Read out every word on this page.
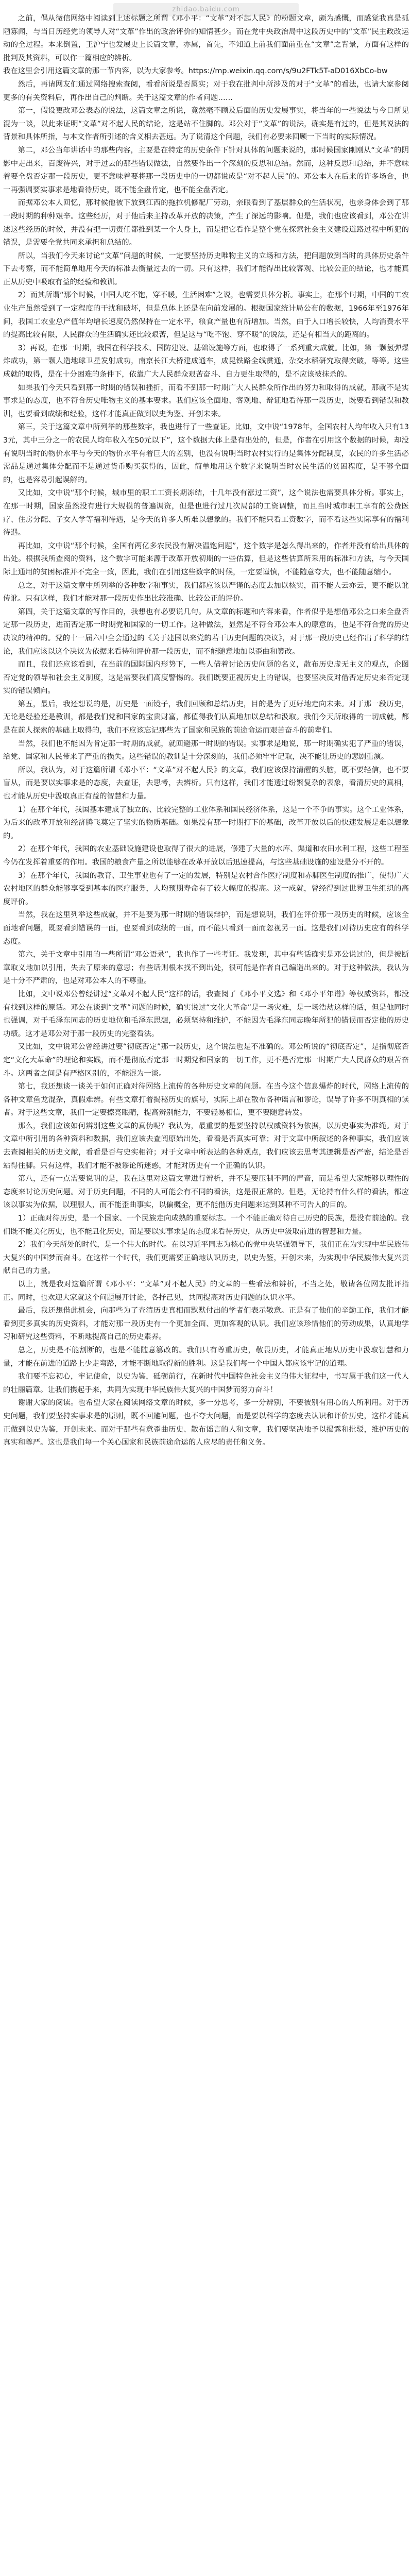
zhidao.baidu.com

之前，偶从微信网络中阅读到上述标题之所谓《邓小平：“文革”对不起人民》的粉题文章，颇为感慨，而感觉我真是孤陋寡闻，与当日历经党的领导人对“文革”作出的政治评价的知情甚少。而在党中央政治局中这段历史中的“文革”民主政改运动的全过程。本来倒置，王沪宁也发展史上长篇文章，亦属，首先，不知道上前我们面前重在“文章”之背景，方面有这样的批判及其资料，可以作一篇相应的辨析。

我在这里会引用这篇文章的那一节内容，以为大家参考。https://mp.weixin.qq.com/s/9u2FTk5T-aD016XbCo-bw

然后，再请网友们通过网络搜索查阅，看看所说是否属实；对于我在批判中所涉及的对于“文革”的看法，也请大家参阅更多的有关资料后，再作出自己的判断。关于这篇文章的作者问题……

第一，假设更改邓公表态的说法，这篇文章之所说，竟然毫不顾及后面的历史发展事实，将当年的一些说法与今日所见混为一谈，以此来证明“文革”对不起人民的结论，这是站不住脚的。邓公对于“文革”的说法，确实是有过的，但是其说法的背景和具体所指，与本文作者所引述的含义相去甚远。为了说清这个问题，我们有必要来回顾一下当时的实际情况。

第二，邓公当年讲话中的那些内容，主要是在特定的历史条件下针对具体的问题来说的，那时候国家刚刚从“文革”的阴影中走出来，百废待兴，对于过去的那些错误做法，自然要作出一个深刻的反思和总结。然而，这种反思和总结，并不意味着要全盘否定那一段历史，更不意味着要将那一段历史中的一切都说成是“对不起人民”的。邓公本人在后来的许多场合，也一再强调要实事求是地看待历史，既不能全盘肯定，也不能全盘否定。

而据邓公本人回忆，那时候他被下放到江西的拖拉机修配厂劳动，亲眼看到了基层群众的生活状况，也亲身体会到了那一段时期的种种艰辛。这些经历，对于他后来主持改革开放的决策，产生了深远的影响。但是，我们也应该看到，邓公在讲述这些经历的时候，并没有把一切责任都推到某一个人身上，而是把它看作是整个党在探索社会主义建设道路过程中所犯的错误，是需要全党共同来承担和总结的。

所以，当我们今天来讨论“文革”问题的时候，一定要坚持历史唯物主义的立场和方法，把问题放到当时的具体历史条件下去考察，而不能简单地用今天的标准去衡量过去的一切。只有这样，我们才能得出比较客观、比较公正的结论，也才能真正从历史中吸取有益的经验和教训。

2）而其所谓“那个时候，中国人吃不饱，穿不暖，生活困难”之说，也需要具体分析。事实上，在那个时期，中国的工农业生产虽然受到了一定程度的干扰和破坏，但是总体上还是在向前发展的。根据国家统计局公布的数据，1966年至1976年间，我国工农业总产值年均增长速度仍然保持在一定水平，粮食产量也有所增加。当然，由于人口增长较快，人均消费水平的提高比较有限，人民群众的生活确实还比较艰苦，但是这与“吃不饱、穿不暖”的说法，还是有相当大的距离的。

3）再说，在那一时期，我国在科学技术、国防建设、基础设施等方面，也取得了一系列重大成就。比如，第一颗氢弹爆炸成功，第一颗人造地球卫星发射成功，南京长江大桥建成通车，成昆铁路全线贯通，杂交水稻研究取得突破，等等。这些成就的取得，是在十分困难的条件下，依靠广大人民群众艰苦奋斗、自力更生取得的，是不应该被抹杀的。

如果我们今天只看到那一时期的错误和挫折，而看不到那一时期广大人民群众所作出的努力和取得的成就，那就不是实事求是的态度，也不符合历史唯物主义的基本要求。我们应该全面地、客观地、辩证地看待那一段历史，既要看到错误和教训，也要看到成绩和经验，这样才能真正做到以史为鉴、开创未来。

第三，关于这篇文章中所列举的那些数字，我也进行了一些查证。比如，文中说“1978年，全国农村人均年收入只有133元，其中三分之一的农民人均年收入在50元以下”，这个数据大体上是有出处的，但是，作者在引用这个数据的时候，却没有说明当时的物价水平与今天的物价水平有着巨大的差别，也没有说明当时农村实行的是集体分配制度，农民的许多生活必需品是通过集体分配而不是通过货币购买获得的，因此，简单地用这个数字来说明当时农民生活的贫困程度，是不够全面的，也是容易引起误解的。

又比如，文中说“那个时候，城市里的职工工资长期冻结，十几年没有涨过工资”，这个说法也需要具体分析。事实上，在那一时期，国家虽然没有进行大规模的普遍调资，但是也进行过几次局部的工资调整，而且当时城市职工享有的公费医疗、住房分配、子女入学等福利待遇，是今天的许多人所难以想象的。我们不能只看工资数字，而不看这些实际享有的福利待遇。

再比如，文中说“那个时候，全国有两亿多农民没有解决温饱问题”，这个数字是怎么得出来的，作者并没有给出具体的出处。根据我所查阅的资料，这个数字可能来源于改革开放初期的一些估算，但是这些估算所采用的标准和方法，与今天国际上通用的贫困标准并不完全一致，因此，我们在引用这些数字的时候，一定要谨慎，不能随意夸大，也不能随意缩小。

总之，对于这篇文章中所列举的各种数字和事实，我们都应该以严谨的态度去加以核实，而不能人云亦云，更不能以讹传讹。只有这样，我们才能对那一段历史作出比较准确、比较公正的评价。

第四，关于这篇文章的写作目的，我想也有必要说几句。从文章的标题和内容来看，作者似乎是想借邓公之口来全盘否定那一段历史，进而否定那一时期党和国家的一切工作。这种做法，显然是不符合邓公本人的原意的，也是不符合党的历史决议的精神的。党的十一届六中全会通过的《关于建国以来党的若干历史问题的决议》，对于那一段历史已经作出了科学的结论，我们应该以这个决议为依据来看待和评价那一段历史，而不能随意地加以歪曲和篡改。

而且，我们还应该看到，在当前的国际国内形势下，一些人借着讨论历史问题的名义，散布历史虚无主义的观点，企图否定党的领导和社会主义制度，这是需要我们高度警惕的。我们既要正视历史上的错误，也要坚决反对借否定历史来否定现实的错误倾向。

第五，最后，我还想说的是，历史是一面镜子，我们回顾和总结历史，目的是为了更好地走向未来。对于那一段历史，无论是经验还是教训，都是我们党和国家的宝贵财富，都值得我们认真地加以总结和汲取。我们今天所取得的一切成就，都是在前人探索的基础上取得的，我们不应该忘记那些为了国家和民族的前途命运而艰苦奋斗的前辈们。

当然，我们也不能因为肯定那一时期的成就，就回避那一时期的错误。实事求是地说，那一时期确实犯了严重的错误，给党、国家和人民带来了严重的损失。这些错误的教训是十分深刻的，我们必须牢牢记取，决不能让历史的悲剧重演。

所以，我认为，对于这篇所谓《邓小平：“文革”对不起人民》的文章，我们应该保持清醒的头脑，既不要轻信，也不要盲从，而是要以实事求是的态度，去查证，去思考，去辨析。只有这样，我们才能透过纷繁复杂的表象，看清历史的真相，也才能从历史中汲取真正有益的智慧和力量。

1）在那个年代，我国基本建成了独立的、比较完整的工业体系和国民经济体系，这是一个不争的事实。这个工业体系，为后来的改革开放和经济腾飞奠定了坚实的物质基础。如果没有那一时期打下的基础，改革开放以后的快速发展是难以想象的。

2）在那个年代，我国的农业基础设施建设也取得了很大的进展，修建了大量的水库、渠道和农田水利工程，这些工程至今仍在发挥着重要的作用。我国的粮食产量之所以能够在改革开放以后迅速提高，与这些基础设施的建设是分不开的。

3）在那个年代，我国的教育、卫生事业也有了一定的发展，特别是农村合作医疗制度和赤脚医生制度的推广，使得广大农村地区的群众能够享受到基本的医疗服务，人均预期寿命有了较大幅度的提高。这一成就，曾经得到过世界卫生组织的高度评价。

当然，我在这里列举这些成就，并不是要为那一时期的错误辩护，而是想说明，我们在评价那一段历史的时候，应该全面地看问题，既要看到错误的一面，也要看到成绩的一面，而不能只看到一面而忽视另一面。这是我们对待历史应有的科学态度。

第六，关于文章中引用的一些所谓“邓公语录”，我也作了一些考证。我发现，其中有些话确实是邓公说过的，但是被断章取义地加以引用，失去了原来的意思；有些话则根本找不到出处，很可能是作者自己编造出来的。对于这种做法，我认为是十分不严肃的，也是对邓公本人的不尊重。

比如，文中说邓公曾经讲过“文革对不起人民”这样的话，我查阅了《邓小平文选》和《邓小平年谱》等权威资料，都没有找到这样的原话。邓公在谈到“文革”问题的时候，确实说过“文化大革命”是一场灾难，是一场浩劫这样的话，但是他同时也强调，对于毛泽东同志的历史地位和毛泽东思想，必须坚持和维护，不能因为毛泽东同志晚年所犯的错误而否定他的历史功绩。这才是邓公对于那一段历史的完整看法。

又比如，文中说邓公曾经讲过要“彻底否定”那一段历史，这个说法也是不准确的。邓公所说的“彻底否定”，是指彻底否定“文化大革命”的理论和实践，而不是彻底否定那一时期党和国家的一切工作，更不是否定那一时期广大人民群众的艰苦奋斗。这两者之间是有严格区别的，不能混为一谈。

第七，我还想谈一谈关于如何正确对待网络上流传的各种历史文章的问题。在当今这个信息爆炸的时代，网络上流传的各种文章鱼龙混杂，真假难辨。有些文章打着揭秘历史的旗号，实际上却在散布各种谣言和谬论，误导了许多不明真相的读者。对于这些文章，我们一定要擦亮眼睛，提高辨别能力，不要轻易相信，更不要随意转发。

那么，我们应该如何辨别这些文章的真伪呢？我认为，最重要的是要坚持以权威资料为依据，以历史事实为准绳。对于文章中所引用的各种资料和数据，我们应该去查阅原始出处，看看是否真实可靠；对于文章中所叙述的各种事实，我们应该去查阅相关的历史文献，看看是否与史实相符；对于文章中所表达的各种观点，我们应该去思考其逻辑是否严密，结论是否站得住脚。只有这样，我们才能不被谬论所迷惑，才能对历史有一个正确的认识。

第八，还有一点需要说明的是，我在这里对这篇文章进行辨析，并不是要压制不同的声音，而是希望大家能够以理性的态度来讨论历史问题。对于历史问题，不同的人可能会有不同的看法，这是很正常的。但是，无论持有什么样的看法，都应该以事实为依据，以理服人，而不能歪曲事实，以偏概全，更不能借历史问题来达到某种不可告人的目的。

1）正确对待历史，是一个国家、一个民族走向成熟的重要标志。一个不能正确对待自己历史的民族，是没有前途的。我们既不能美化历史，也不能丑化历史，而是要以实事求是的态度来看待历史，从历史中汲取前进的智慧和力量。

2）我们今天所处的时代，是一个伟大的时代。在以习近平同志为核心的党中央坚强领导下，我们正在为实现中华民族伟大复兴的中国梦而奋斗。在这样一个时代，我们更需要正确地认识历史，以史为鉴，开创未来，为实现中华民族伟大复兴贡献自己的力量。

以上，就是我对这篇所谓《邓小平：“文革”对不起人民》的文章的一些看法和辨析，不当之处，敬请各位网友批评指正。同时，也欢迎大家就这个问题展开讨论，各抒己见，共同提高对历史问题的认识水平。

最后，我还想借此机会，向那些为了查清历史真相而默默付出的学者们表示敬意。正是有了他们的辛勤工作，我们才能看到更多真实的历史资料，才能对那一段历史有一个更加全面、更加客观的认识。我们应该珍惜他们的劳动成果，认真地学习和研究这些资料，不断地提高自己的历史素养。

总之，历史是不能割断的，也是不能随意篡改的。我们只有尊重历史，敬畏历史，才能真正地从历史中汲取智慧和力量，才能在前进的道路上少走弯路，才能不断地取得新的胜利。这是我们每一个中国人都应该牢记的道理。

我们要不忘初心，牢记使命，以史为鉴，砥砺前行，在新时代中国特色社会主义的伟大征程中，书写属于我们这一代人的壮丽篇章。让我们携起手来，共同为实现中华民族伟大复兴的中国梦而努力奋斗！

谢谢大家的阅读。也希望大家在阅读网络文章的时候，多一分思考，多一分辨别，不要被别有用心的人所利用。对于历史问题，我们要坚持实事求是的原则，既不回避问题，也不夸大问题，而是要以科学的态度去认识和评价历史，这样才能真正做到以史为鉴，开创未来。而对于那些有意歪曲历史、散布谣言的人和文章，我们要坚决地予以揭露和批驳，维护历史的真实和尊严。这也是我们每一个关心国家和民族前途命运的人应尽的责任和义务。
